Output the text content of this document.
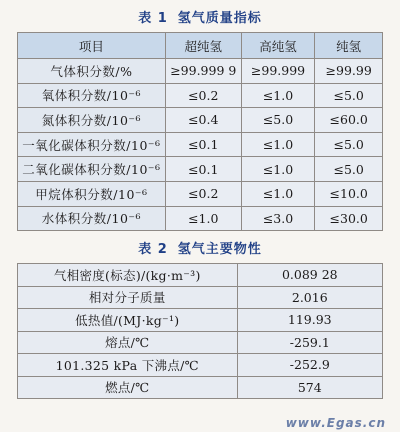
表 1 氢气质量指标
项目	超纯氢	高纯氢	纯氢
气体积分数/%	≥99.999 9	≥99.999	≥99.99
氧体积分数/10⁻⁶	≤0.2	≤1.0	≤5.0
氮体积分数/10⁻⁶	≤0.4	≤5.0	≤60.0
一氧化碳体积分数/10⁻⁶	≤0.1	≤1.0	≤5.0
二氧化碳体积分数/10⁻⁶	≤0.1	≤1.0	≤5.0
甲烷体积分数/10⁻⁶	≤0.2	≤1.0	≤10.0
水体积分数/10⁻⁶	≤1.0	≤3.0	≤30.0
表 2 氢气主要物性
气相密度(标态)/(kg·m⁻³)	0.089 28
相对分子质量	2.016
低热值/(MJ·kg⁻¹)	119.93
熔点/℃	-259.1
101.325 kPa 下沸点/℃	-252.9
燃点/℃	574
www.Egas.cn
